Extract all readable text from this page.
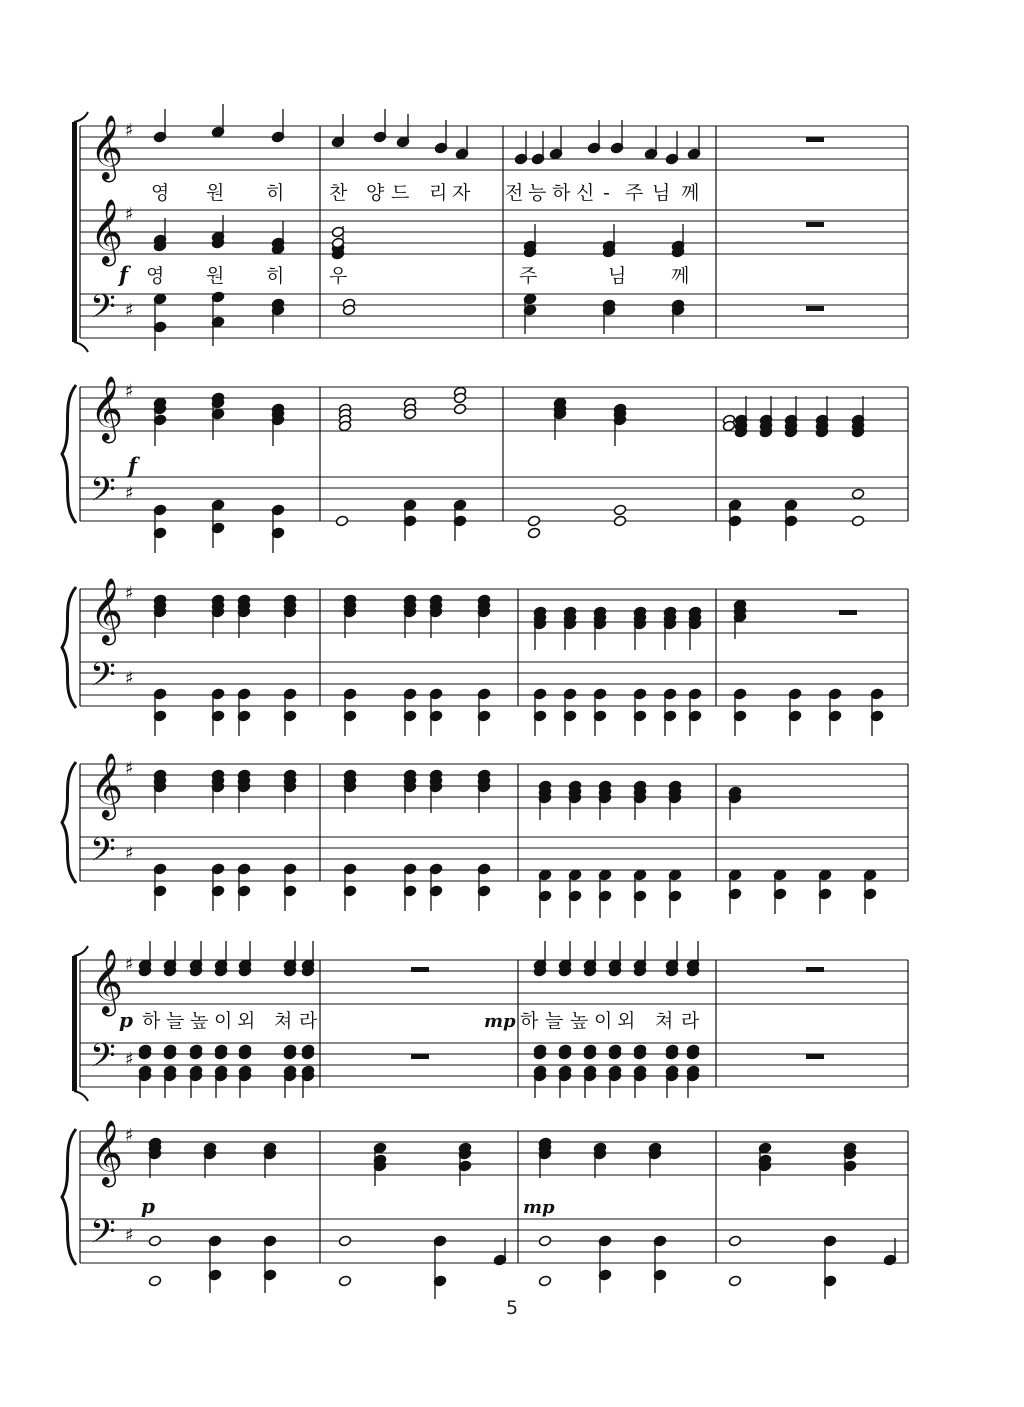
𝄞 ♯
𝄞 ♯
𝄢 ♯
𝄞 ♯
𝄢 ♯
𝄞 ♯
𝄢 ♯
𝄞 ♯
𝄢 ♯
𝄞 ♯
𝄢 ♯
𝄞 ♯
𝄢 ♯
영 원 히 찬 양 드 리 자 전 능 하 신 - 주 님 께
f 영 원 히 우	주	님 께
f
p 하 늘 높 이 외 쳐 라	mp 하 늘 높 이 외 쳐 라
p	mp
5
